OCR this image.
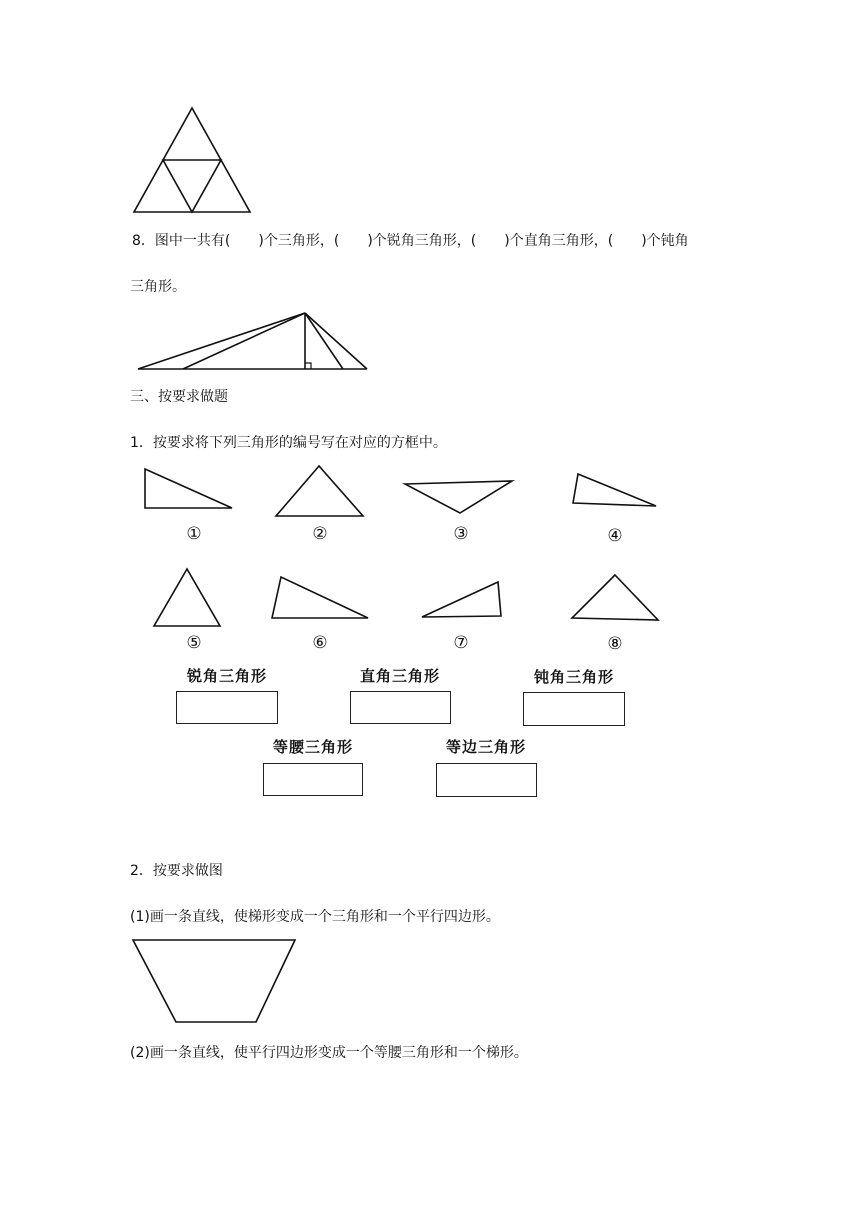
8．图中一共有( )个三角形，( )个锐角三角形，( )个直角三角形，( )个钝角
三角形。
三、按要求做题
1．按要求将下列三角形的编号写在对应的方框中。
①	②	③	④
⑤	⑥	⑦	⑧
锐角三角形	直角三角形	钝角三角形
等腰三角形	等边三角形
2．按要求做图
(1)画一条直线，使梯形变成一个三角形和一个平行四边形。
(2)画一条直线，使平行四边形变成一个等腰三角形和一个梯形。
